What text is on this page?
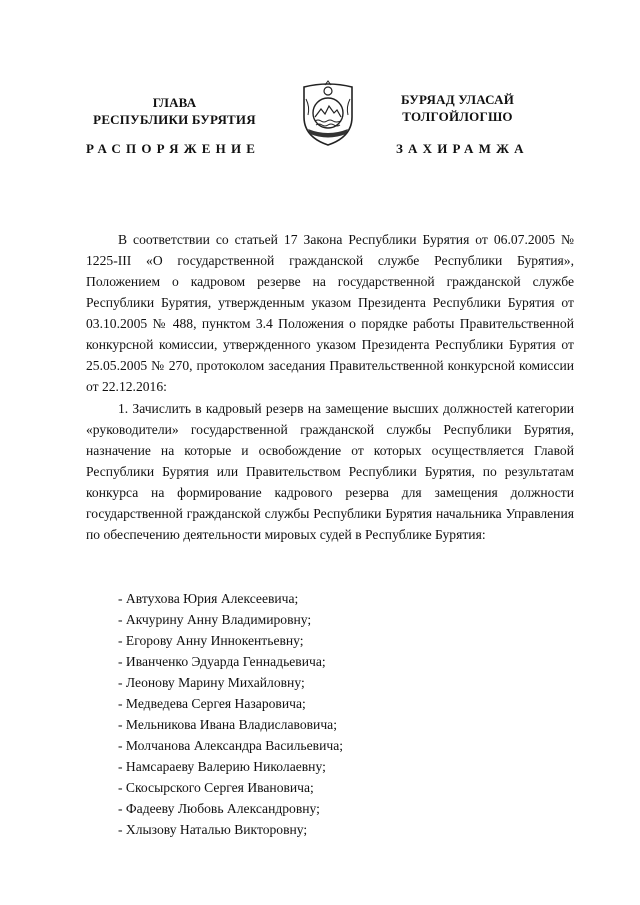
ГЛАВА
РЕСПУБЛИКИ БУРЯТИЯ
БУРЯАД УЛАСАЙ
ТОЛГОЙЛОГШО
РАСПОРЯЖЕНИЕ	ЗАХИРАМЖА
В соответствии со статьей 17 Закона Республики Бурятия от 06.07.2005 № 1225-III «О государственной гражданской службе Республики Бурятия», Положением о кадровом резерве на государственной гражданской службе Республики Бурятия, утвержденным указом Президента Республики Бурятия от 03.10.2005 № 488, пунктом 3.4 Положения о порядке работы Правительственной конкурсной комиссии, утвержденного указом Президента Республики Бурятия от 25.05.2005 № 270, протоколом заседания Правительственной конкурсной комиссии от 22.12.2016:
1. Зачислить в кадровый резерв на замещение высших должностей категории «руководители» государственной гражданской службы Республики Бурятия, назначение на которые и освобождение от которых осуществляется Главой Республики Бурятия или Правительством Республики Бурятия, по результатам конкурса на формирование кадрового резерва для замещения должности государственной гражданской службы Республики Бурятия начальника Управления по обеспечению деятельности мировых судей в Республике Бурятия:
- Автухова Юрия Алексеевича;
- Акчурину Анну Владимировну;
- Егорову Анну Иннокентьевну;
- Иванченко Эдуарда Геннадьевича;
- Леонову Марину Михайловну;
- Медведева Сергея Назаровича;
- Мельникова Ивана Владиславовича;
- Молчанова Александра Васильевича;
- Намсараеву Валерию Николаевну;
- Скосырского Сергея Ивановича;
- Фадееву Любовь Александровну;
- Хлызову Наталью Викторовну;
